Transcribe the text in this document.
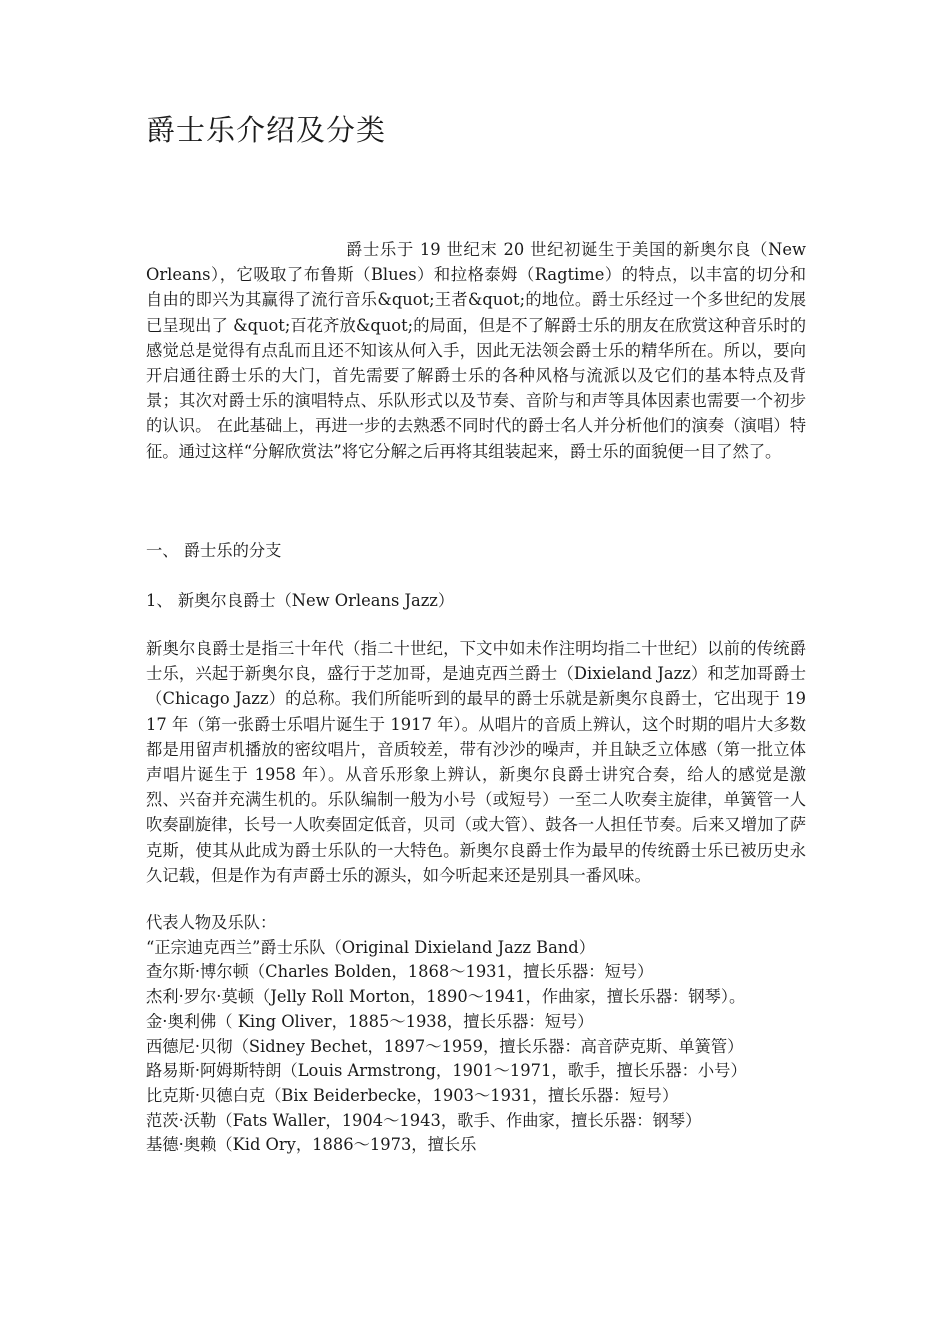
爵士乐介绍及分类

爵士乐于 19 世纪末 20 世纪初诞生于美国的新奥尔良（New Orleans），它吸取了布鲁斯（Blues）和拉格泰姆（Ragtime）的特点，以丰富的切分和自由的即兴为其赢得了流行音乐&quot;王者&quot;的地位。爵士乐经过一个多世纪的发展已呈现出了 &quot;百花齐放&quot;的局面，但是不了解爵士乐的朋友在欣赏这种音乐时的感觉总是觉得有点乱而且还不知该从何入手，因此无法领会爵士乐的精华所在。所以，要向开启通往爵士乐的大门，首先需要了解爵士乐的各种风格与流派以及它们的基本特点及背景；其次对爵士乐的演唱特点、乐队形式以及节奏、音阶与和声等具体因素也需要一个初步的认识。 在此基础上，再进一步的去熟悉不同时代的爵士名人并分析他们的演奏（演唱）特征。通过这样“分解欣赏法”将它分解之后再将其组装起来，爵士乐的面貌便一目了然了。

一、 爵士乐的分支

1、 新奥尔良爵士（New Orleans Jazz）

新奥尔良爵士是指三十年代（指二十世纪，下文中如未作注明均指二十世纪）以前的传统爵士乐，兴起于新奥尔良，盛行于芝加哥，是迪克西兰爵士（Dixieland Jazz）和芝加哥爵士（Chicago Jazz）的总称。我们所能听到的最早的爵士乐就是新奥尔良爵士，它出现于 1917 年（第一张爵士乐唱片诞生于 1917 年）。从唱片的音质上辨认，这个时期的唱片大多数都是用留声机播放的密纹唱片，音质较差，带有沙沙的噪声，并且缺乏立体感（第一批立体声唱片诞生于 1958 年）。从音乐形象上辨认，新奥尔良爵士讲究合奏，给人的感觉是激烈、兴奋并充满生机的。乐队编制一般为小号（或短号）一至二人吹奏主旋律，单簧管一人吹奏副旋律，长号一人吹奏固定低音，贝司（或大管）、鼓各一人担任节奏。后来又增加了萨克斯，使其从此成为爵士乐队的一大特色。新奥尔良爵士作为最早的传统爵士乐已被历史永久记载，但是作为有声爵士乐的源头，如今听起来还是别具一番风味。

代表人物及乐队：
“正宗迪克西兰”爵士乐队（Original Dixieland Jazz Band）
查尔斯·博尔顿（Charles Bolden，1868～1931，擅长乐器：短号）
杰利·罗尔·莫顿（Jelly Roll Morton，1890～1941，作曲家，擅长乐器：钢琴）。
金·奥利佛（ King Oliver，1885～1938，擅长乐器：短号）
西德尼·贝彻（Sidney Bechet，1897～1959，擅长乐器：高音萨克斯、单簧管）
路易斯·阿姆斯特朗（Louis Armstrong，1901～1971，歌手，擅长乐器：小号）
比克斯·贝德白克（Bix Beiderbecke，1903～1931，擅长乐器：短号）
范茨·沃勒（Fats Waller，1904～1943，歌手、作曲家，擅长乐器：钢琴）
基德·奥赖（Kid Ory，1886～1973，擅长乐
